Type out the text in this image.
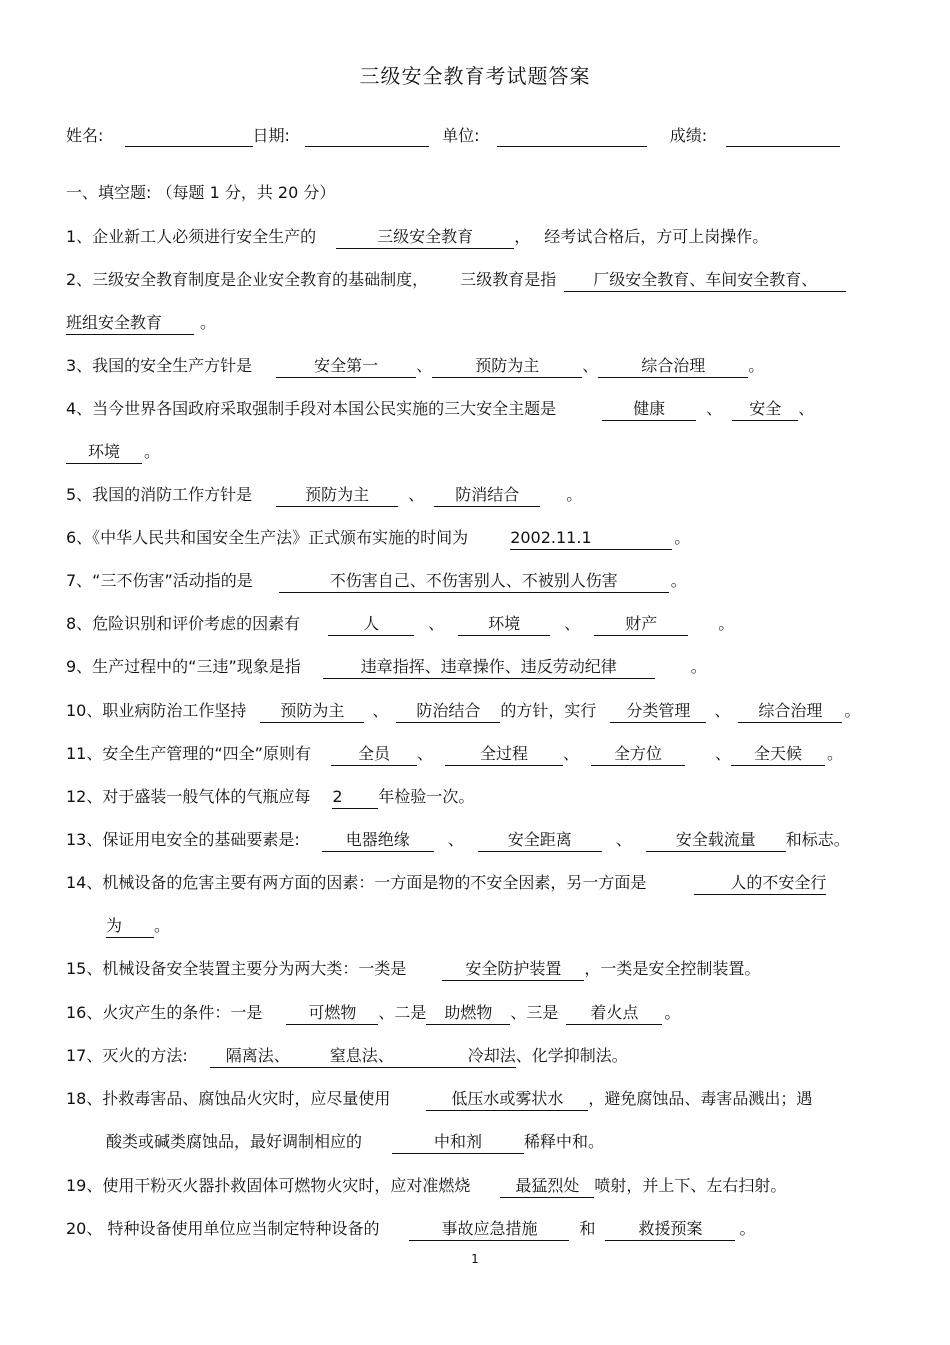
三级安全教育考试题答案
姓名:	日期:	单位:	成绩:
一、填空题: （每题 1 分，共 20 分）
1、企业新工人必须进行安全生产的	三级安全教育	， 经考试合格后，方可上岗操作。
2、三级安全教育制度是企业安全教育的基础制度， 三级教育是指 厂级安全教育、车间安全教育、
班组安全教育 。
3、我国的安全生产方针是	安全第一 、	预防为主	、	综合治理	。
4、当今世界各国政府采取强制手段对本国公民实施的三大安全主题是	健康	、 安全 、
环境 。
5、我国的消防工作方针是	预防为主 、 防消结合	。
6、《中华人民共和国安全生产法》正式颁布实施的时间为	2002.11.1	。
7、“三不伤害”活动指的是	不伤害自己、不伤害别人、不被别人伤害	。
8、危险识别和评价考虑的因素有	人	、	环境	、	财产	。
9、生产过程中的“三违”现象是指	违章指挥、违章操作、违反劳动纪律	。
10、职业病防治工作坚持 预防为主 、 防治结合 的方针，实行 分类管理 、 综合治理 。
11、安全生产管理的“四全”原则有	全员 、	全过程 、 全方位	、 全天候 。
12、对于盛装一般气体的气瓶应每 2 年检验一次。
13、保证用电安全的基础要素是:	电器绝缘 、	安全距离	、	安全载流量 和标志。
14、机械设备的危害主要有两方面的因素：一方面是物的不安全因素，另一方面是	人的不安全行
为 。
15、机械设备安全装置主要分为两大类：一类是	安全防护装置 ，一类是安全控制装置。
16、火灾产生的条件：一是	可燃物 、二是 助燃物 、三是 着火点 。
17、灭火的方法: 隔离法、 窒息法、	冷却法、化学抑制法。
18、扑救毒害品、腐蚀品火灾时，应尽量使用	低压水或雾状水 ，避免腐蚀品、毒害品溅出；遇
酸类或碱类腐蚀品，最好调制相应的	中和剂	稀释中和。
19、使用干粉灭火器扑救固体可燃物火灾时，应对准燃烧	最猛烈处 喷射，并上下、左右扫射。
20、 特种设备使用单位应当制定特种设备的	事故应急措施	和	救援预案 。
1
